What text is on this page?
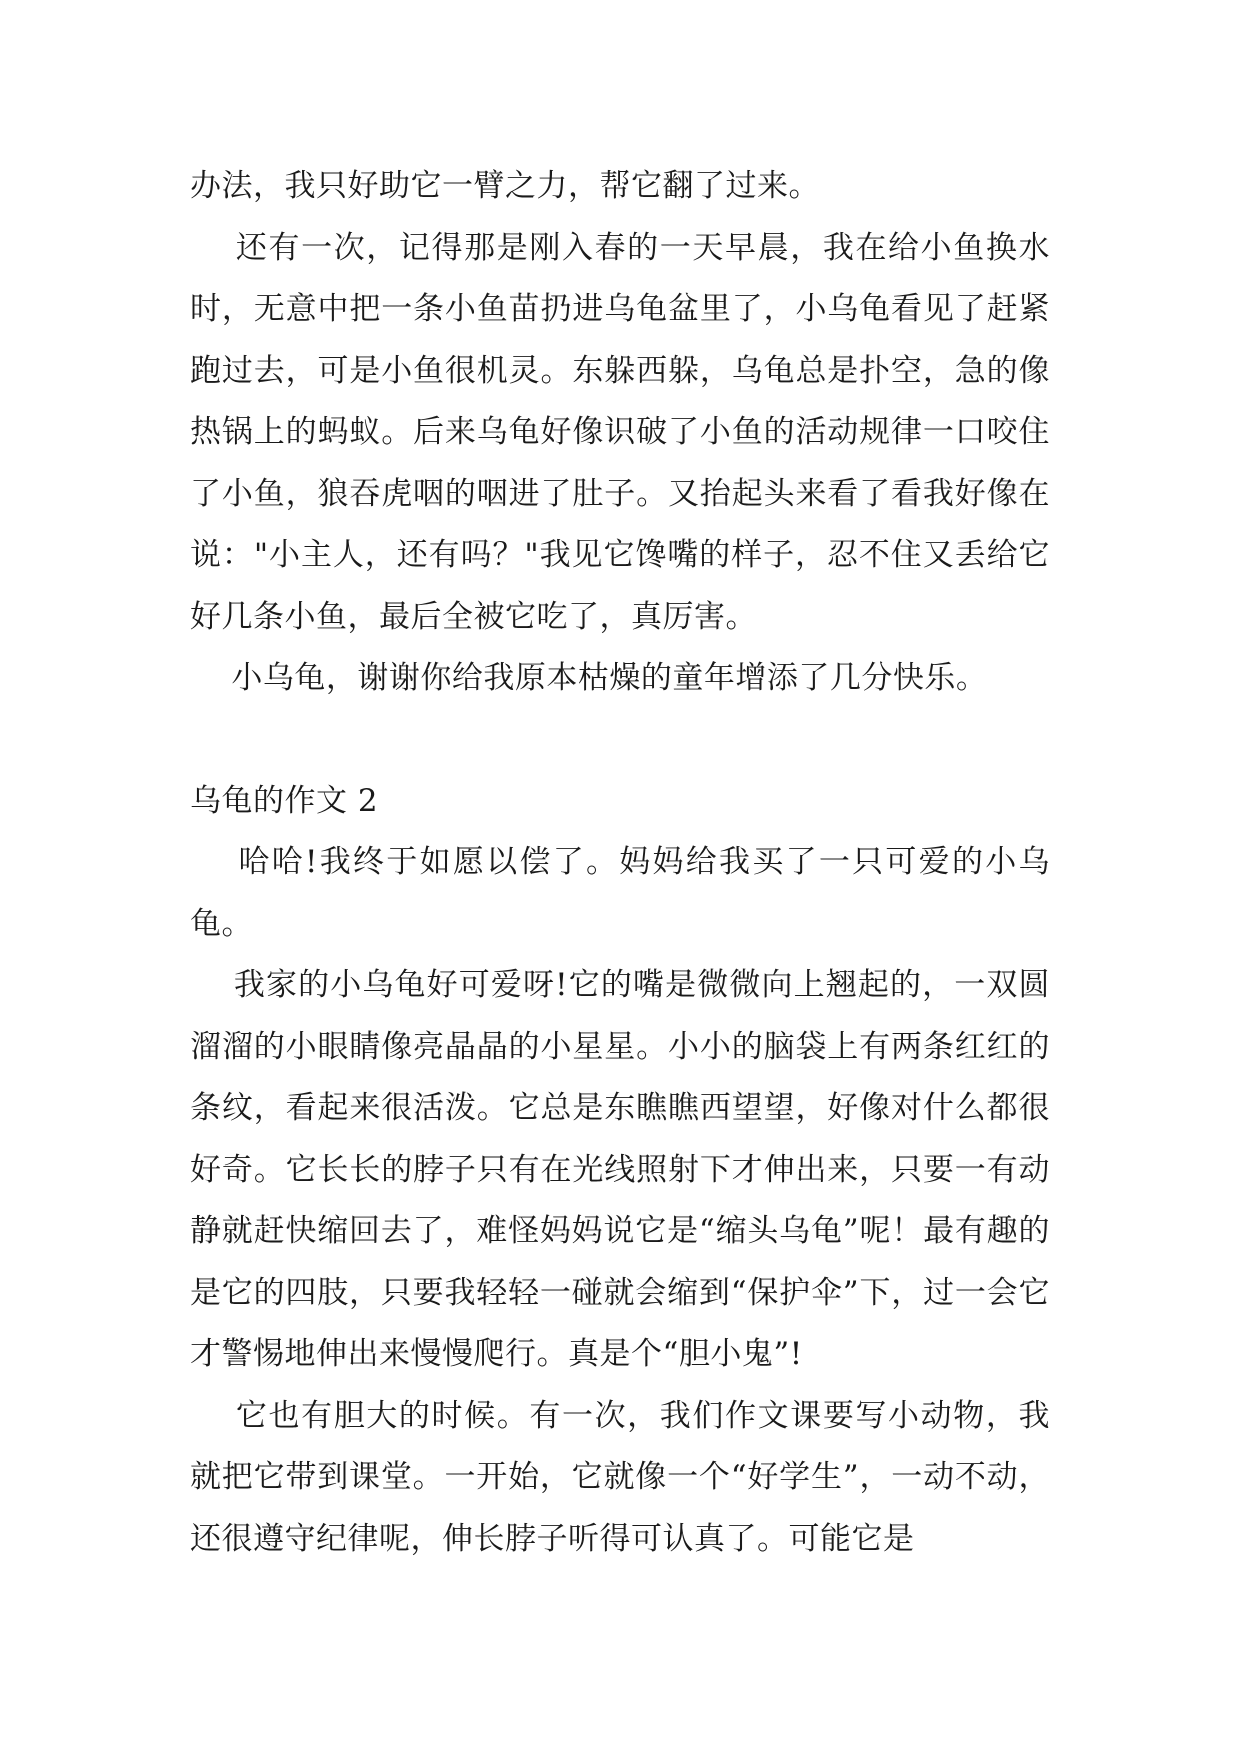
办法，我只好助它一臂之力，帮它翻了过来。

还有一次，记得那是刚入春的一天早晨，我在给小鱼换水时，无意中把一条小鱼苗扔进乌龟盆里了，小乌龟看见了赶紧跑过去，可是小鱼很机灵。东躲西躲，乌龟总是扑空，急的像热锅上的蚂蚁。后来乌龟好像识破了小鱼的活动规律一口咬住了小鱼，狼吞虎咽的咽进了肚子。又抬起头来看了看我好像在说："小主人，还有吗？"我见它馋嘴的样子，忍不住又丢给它好几条小鱼，最后全被它吃了，真厉害。

小乌龟，谢谢你给我原本枯燥的童年增添了几分快乐。

乌龟的作文 2

哈哈!我终于如愿以偿了。妈妈给我买了一只可爱的小乌龟。

我家的小乌龟好可爱呀!它的嘴是微微向上翘起的，一双圆溜溜的小眼睛像亮晶晶的小星星。小小的脑袋上有两条红红的条纹，看起来很活泼。它总是东瞧瞧西望望，好像对什么都很好奇。它长长的脖子只有在光线照射下才伸出来，只要一有动静就赶快缩回去了，难怪妈妈说它是“缩头乌龟”呢！最有趣的是它的四肢，只要我轻轻一碰就会缩到“保护伞”下，过一会它才警惕地伸出来慢慢爬行。真是个“胆小鬼”!

它也有胆大的时候。有一次，我们作文课要写小动物，我就把它带到课堂。一开始，它就像一个“好学生”，一动不动，还很遵守纪律呢，伸长脖子听得可认真了。可能它是
